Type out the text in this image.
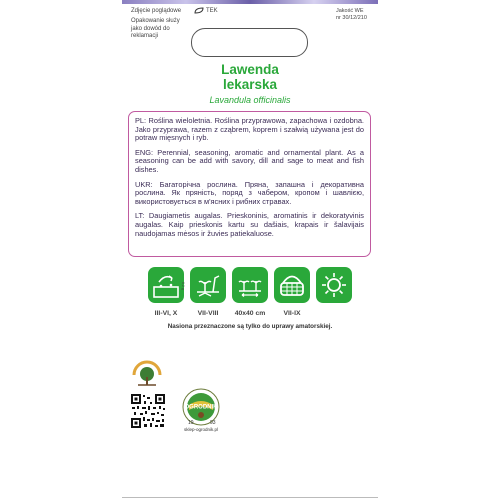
Zdjęcie poglądowe
Opakowanie służy jako dowód do reklamacji
TEK	Jakość WE
nr 30/12/210
Lawenda
lekarska
Lavandula officinalis

PL: Roślina wieloletnia. Roślina przyprawowa, zapachowa i ozdobna. Jako przyprawa, razem z cząbrem, koprem i szałwią używana jest do potraw mięsnych i ryb.

ENG: Perennial, seasoning, aromatic and ornamental plant. As a seasoning can be add with savory, dill and sage to meat and fish dishes.

UKR: Багаторічна рослина. Пряна, запашна і декоративна рослина. Як пряність, поряд з чабером, кропом і шавлією, використовується в м'ясних і рибних стравах.

LT: Daugiametis augalas. Prieskoninis, aromatinis ir dekoratyvinis augalas. Kaip prieskonis kartu su dašiais, krapais ir šalavijais naudojamas mėsos ir žuvies patiekaluose.

0,2 g
III-VI, X	VII-VIII	40x40 cm	VII-IX
Nasiona przeznaczone są tylko do uprawy amatorskiej.
OGRODNIK
19	93
sklep-ogrodnik.pl
